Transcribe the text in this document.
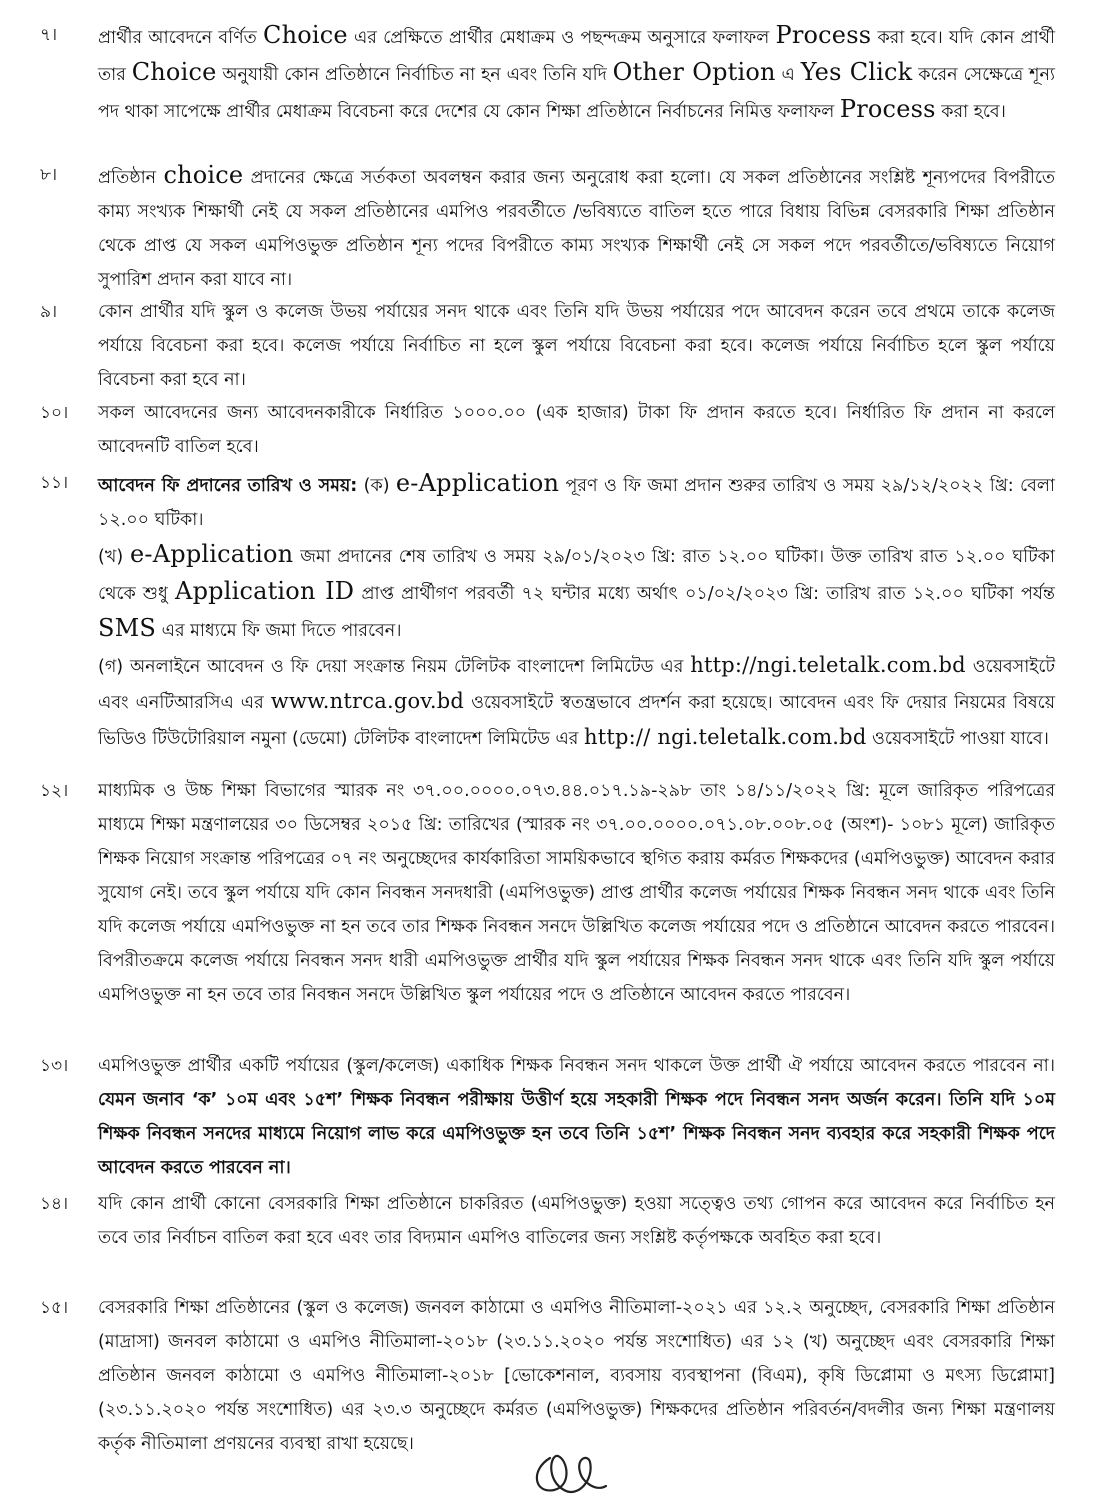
৭।	প্রার্থীর আবেদনে বর্ণিত Choice এর প্রেক্ষিতে প্রার্থীর মেধাক্রম ও পছন্দক্রম অনুসারে ফলাফল Process করা হবে। যদি কোন প্রার্থী তার Choice অনুযায়ী কোন প্রতিষ্ঠানে নির্বাচিত না হন এবং তিনি যদি Other Option এ Yes Click করেন সেক্ষেত্রে শূন্য পদ থাকা সাপেক্ষে প্রার্থীর মেধাক্রম বিবেচনা করে দেশের যে কোন শিক্ষা প্রতিষ্ঠানে নির্বাচনের নিমিত্ত ফলাফল Process করা হবে।
৮।	প্রতিষ্ঠান choice প্রদানের ক্ষেত্রে সর্তকতা অবলম্বন করার জন্য অনুরোধ করা হলো। যে সকল প্রতিষ্ঠানের সংশ্লিষ্ট শূন্যপদের বিপরীতে কাম্য সংখ্যক শিক্ষার্থী নেই যে সকল প্রতিষ্ঠানের এমপিও পরবর্তীতে /ভবিষ্যতে বাতিল হতে পারে বিধায় বিভিন্ন বেসরকারি শিক্ষা প্রতিষ্ঠান থেকে প্রাপ্ত যে সকল এমপিওভুক্ত প্রতিষ্ঠান শূন্য পদের বিপরীতে কাম্য সংখ্যক শিক্ষার্থী নেই সে সকল পদে পরবর্তীতে/ভবিষ্যতে নিয়োগ সুপারিশ প্রদান করা যাবে না।
৯।	কোন প্রার্থীর যদি স্কুল ও কলেজ উভয় পর্যায়ের সনদ থাকে এবং তিনি যদি উভয় পর্যায়ের পদে আবেদন করেন তবে প্রথমে তাকে কলেজ পর্যায়ে বিবেচনা করা হবে। কলেজ পর্যায়ে নির্বাচিত না হলে স্কুল পর্যায়ে বিবেচনা করা হবে। কলেজ পর্যায়ে নির্বাচিত হলে স্কুল পর্যায়ে বিবেচনা করা হবে না।
১০।	সকল আবেদনের জন্য আবেদনকারীকে নির্ধারিত ১০০০.০০ (এক হাজার) টাকা ফি প্রদান করতে হবে। নির্ধারিত ফি প্রদান না করলে আবেদনটি বাতিল হবে।
১১।	আবেদন ফি প্রদানের তারিখ ও সময়: (ক) e-Application পূরণ ও ফি জমা প্রদান শুরুর তারিখ ও সময় ২৯/১২/২০২২ খ্রি: বেলা ১২.০০ ঘটিকা।
(খ) e-Application জমা প্রদানের শেষ তারিখ ও সময় ২৯/০১/২০২৩ খ্রি: রাত ১২.০০ ঘটিকা। উক্ত তারিখ রাত ১২.০০ ঘটিকা থেকে শুধু Application ID প্রাপ্ত প্রার্থীগণ পরবর্তী ৭২ ঘন্টার মধ্যে অর্থাৎ ০১/০২/২০২৩ খ্রি: তারিখ রাত ১২.০০ ঘটিকা পর্যন্ত SMS এর মাধ্যমে ফি জমা দিতে পারবেন।
(গ) অনলাইনে আবেদন ও ফি দেয়া সংক্রান্ত নিয়ম টেলিটক বাংলাদেশ লিমিটেড এর http://ngi.teletalk.com.bd ওয়েবসাইটে এবং এনটিআরসিএ এর www.ntrca.gov.bd ওয়েবসাইটে স্বতন্ত্রভাবে প্রদর্শন করা হয়েছে। আবেদন এবং ফি দেয়ার নিয়মের বিষয়ে ভিডিও টিউটোরিয়াল নমুনা (ডেমো) টেলিটক বাংলাদেশ লিমিটেড এর http:// ngi.teletalk.com.bd ওয়েবসাইটে পাওয়া যাবে।
১২।	মাধ্যমিক ও উচ্চ শিক্ষা বিভাগের স্মারক নং ৩৭.০০.০০০০.০৭৩.৪৪.০১৭.১৯-২৯৮ তাং ১৪/১১/২০২২ খ্রি: মূলে জারিকৃত পরিপত্রের মাধ্যমে শিক্ষা মন্ত্রণালয়ের ৩০ ডিসেম্বর ২০১৫ খ্রি: তারিখের (স্মারক নং ৩৭.০০.০০০০.০৭১.০৮.০০৮.০৫ (অংশ)- ১০৮১ মূলে) জারিকৃত শিক্ষক নিয়োগ সংক্রান্ত পরিপত্রের ০৭ নং অনুচ্ছেদের কার্যকারিতা সাময়িকভাবে স্থগিত করায় কর্মরত শিক্ষকদের (এমপিওভুক্ত) আবেদন করার সুযোগ নেই। তবে স্কুল পর্যায়ে যদি কোন নিবন্ধন সনদধারী (এমপিওভুক্ত) প্রাপ্ত প্রার্থীর কলেজ পর্যায়ের শিক্ষক নিবন্ধন সনদ থাকে এবং তিনি যদি কলেজ পর্যায়ে এমপিওভুক্ত না হন তবে তার শিক্ষক নিবন্ধন সনদে উল্লিখিত কলেজ পর্যায়ের পদে ও প্রতিষ্ঠানে আবেদন করতে পারবেন। বিপরীতক্রমে কলেজ পর্যায়ে নিবন্ধন সনদ ধারী এমপিওভুক্ত প্রার্থীর যদি স্কুল পর্যায়ের শিক্ষক নিবন্ধন সনদ থাকে এবং তিনি যদি স্কুল পর্যায়ে এমপিওভুক্ত না হন তবে তার নিবন্ধন সনদে উল্লিখিত স্কুল পর্যায়ের পদে ও প্রতিষ্ঠানে আবেদন করতে পারবেন।
১৩।	এমপিওভুক্ত প্রার্থীর একটি পর্যায়ের (স্কুল/কলেজ) একাধিক শিক্ষক নিবন্ধন সনদ থাকলে উক্ত প্রার্থী ঐ পর্যায়ে আবেদন করতে পারবেন না। যেমন জনাব ‘ক’ ১০ম এবং ১৫শ’ শিক্ষক নিবন্ধন পরীক্ষায় উত্তীর্ণ হয়ে সহকারী শিক্ষক পদে নিবন্ধন সনদ অর্জন করেন। তিনি যদি ১০ম শিক্ষক নিবন্ধন সনদের মাধ্যমে নিয়োগ লাভ করে এমপিওভুক্ত হন তবে তিনি ১৫শ’ শিক্ষক নিবন্ধন সনদ ব্যবহার করে সহকারী শিক্ষক পদে আবেদন করতে পারবেন না।
১৪।	যদি কোন প্রার্থী কোনো বেসরকারি শিক্ষা প্রতিষ্ঠানে চাকরিরত (এমপিওভুক্ত) হওয়া সত্ত্বেও তথ্য গোপন করে আবেদন করে নির্বাচিত হন তবে তার নির্বাচন বাতিল করা হবে এবং তার বিদ্যমান এমপিও বাতিলের জন্য সংশ্লিষ্ট কর্তৃপক্ষকে অবহিত করা হবে।
১৫।	বেসরকারি শিক্ষা প্রতিষ্ঠানের (স্কুল ও কলেজ) জনবল কাঠামো ও এমপিও নীতিমালা-২০২১ এর ১২.২ অনুচ্ছেদ, বেসরকারি শিক্ষা প্রতিষ্ঠান (মাদ্রাসা) জনবল কাঠামো ও এমপিও নীতিমালা-২০১৮ (২৩.১১.২০২০ পর্যন্ত সংশোধিত) এর ১২ (খ) অনুচ্ছেদ এবং বেসরকারি শিক্ষা প্রতিষ্ঠান জনবল কাঠামো ও এমপিও নীতিমালা-২০১৮ [ভোকেশনাল, ব্যবসায় ব্যবস্থাপনা (বিএম), কৃষি ডিপ্লোমা ও মৎস্য ডিপ্লোমা] (২৩.১১.২০২০ পর্যন্ত সংশোধিত) এর ২৩.৩ অনুচ্ছেদে কর্মরত (এমপিওভুক্ত) শিক্ষকদের প্রতিষ্ঠান পরিবর্তন/বদলীর জন্য শিক্ষা মন্ত্রণালয় কর্তৃক নীতিমালা প্রণয়নের ব্যবস্থা রাখা হয়েছে।
